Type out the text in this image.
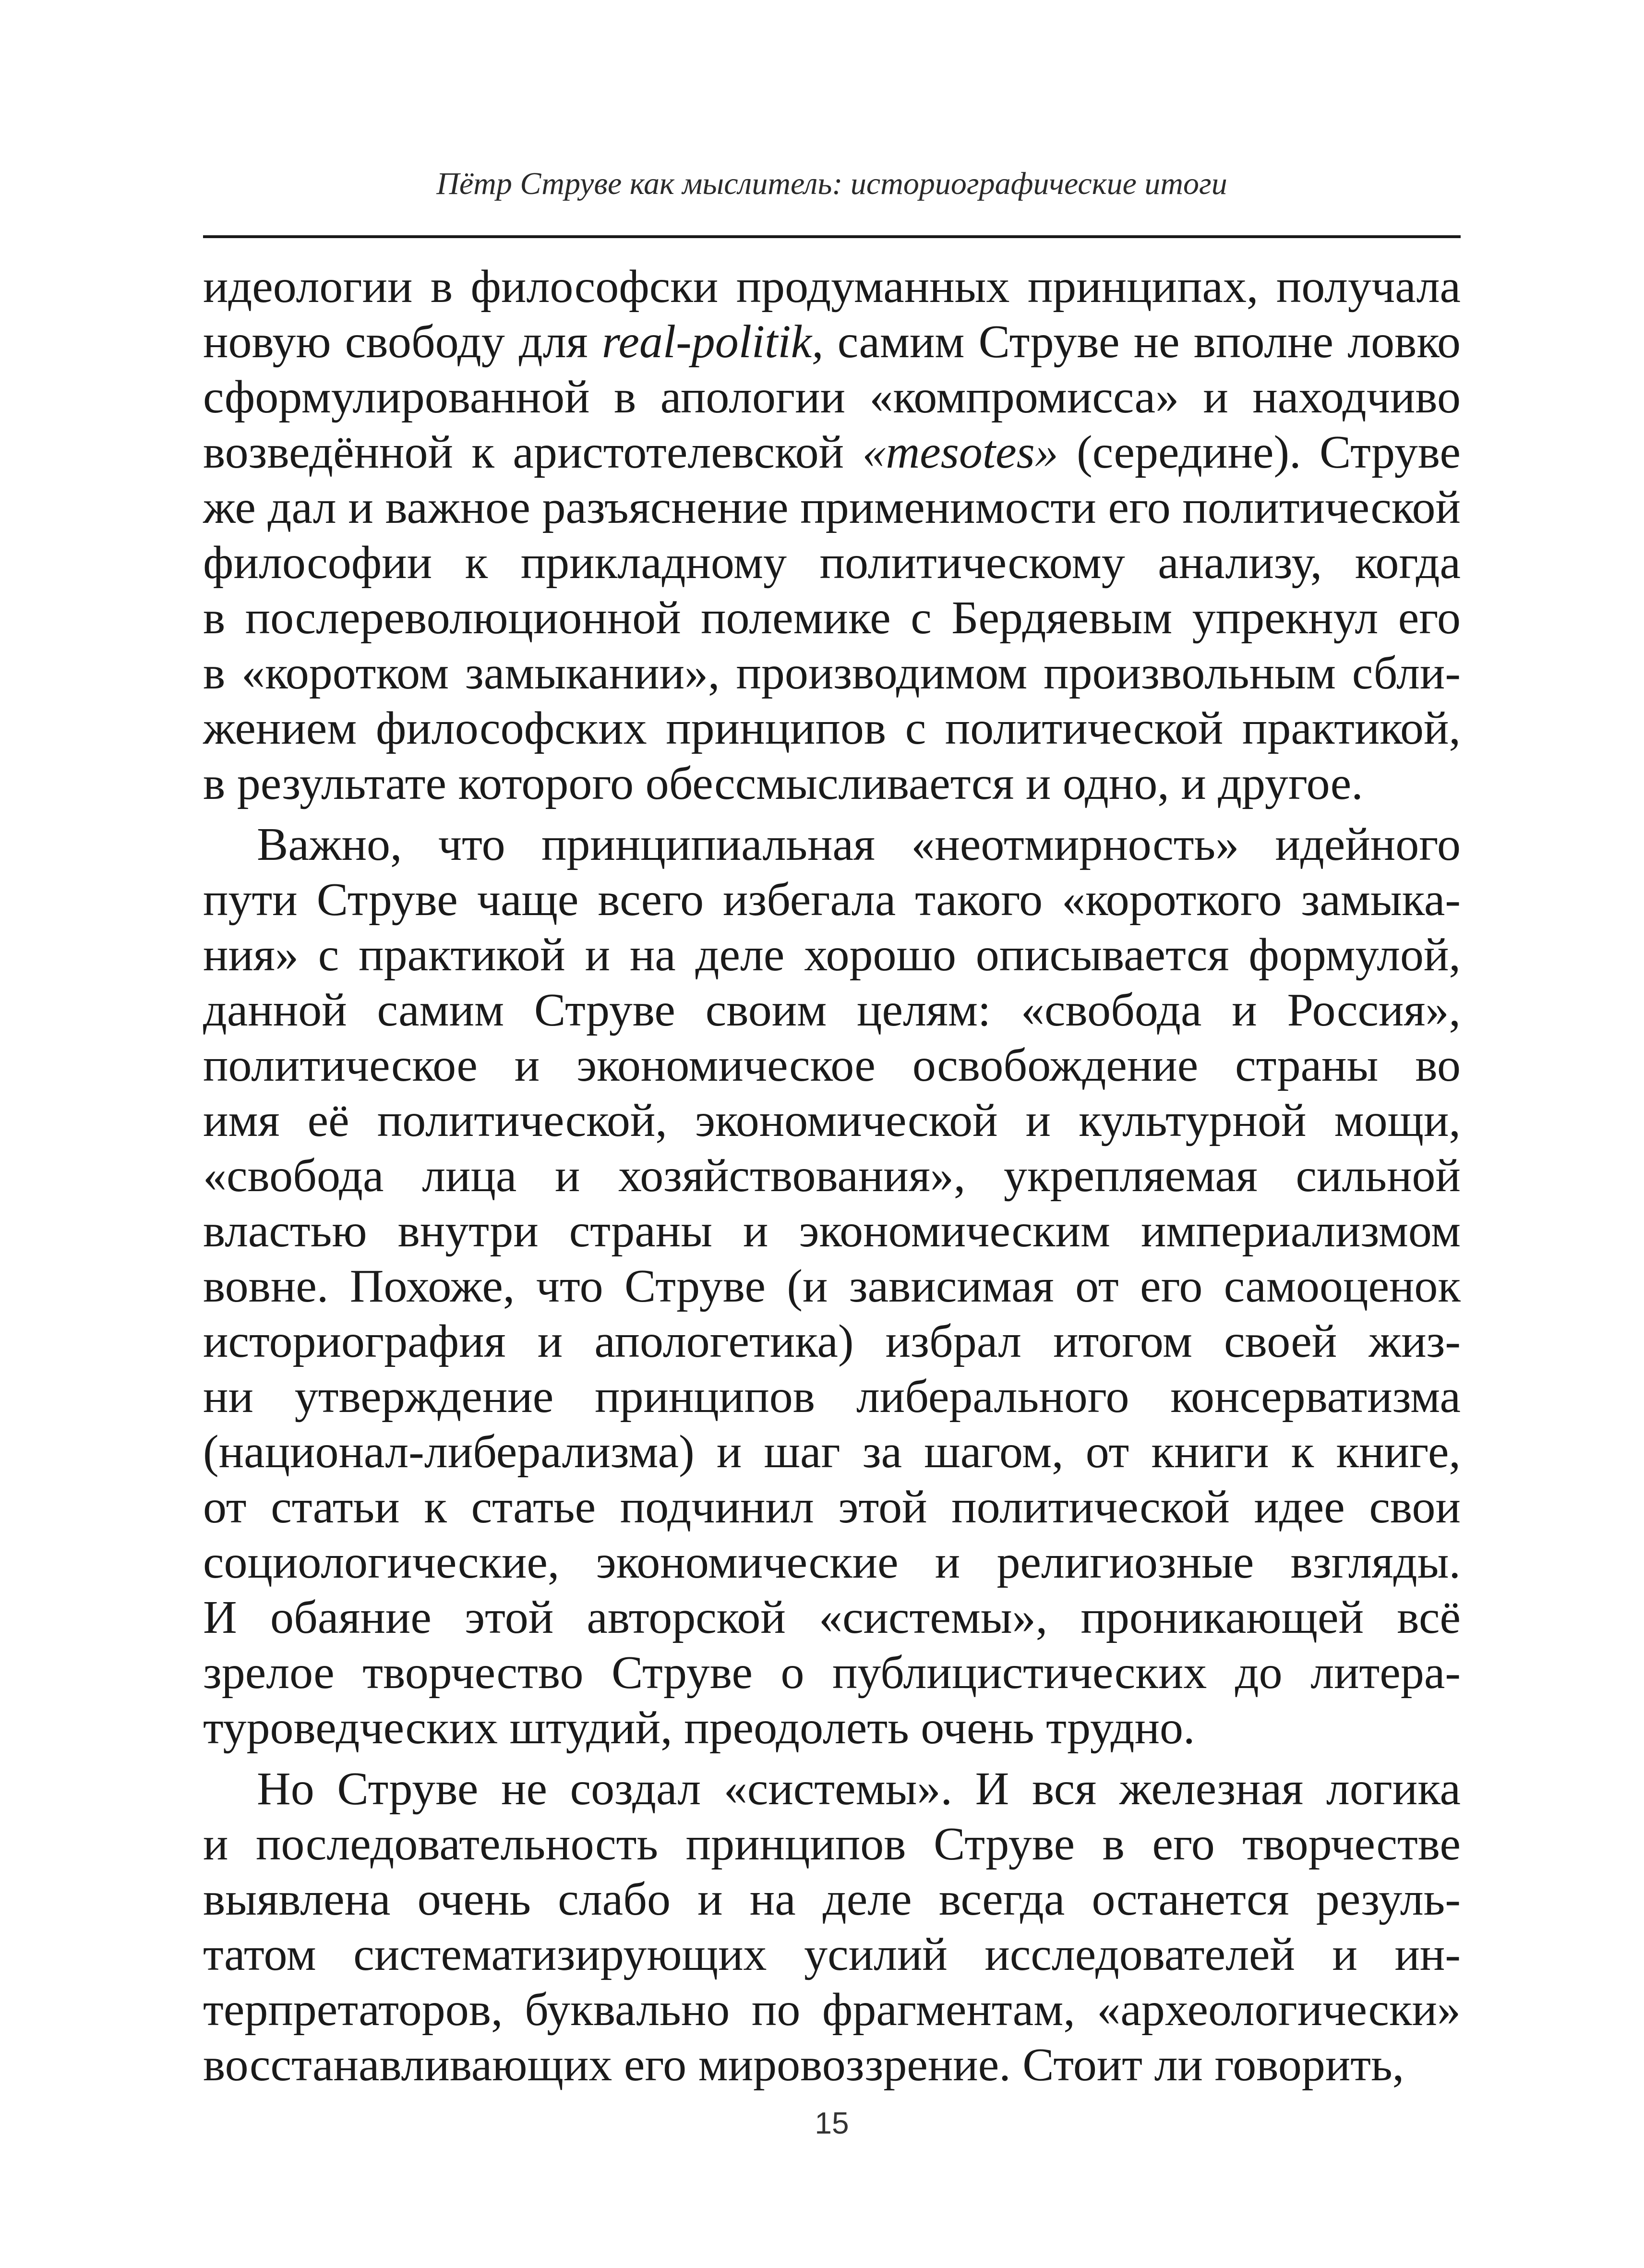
Пётр Струве как мыслитель: историографические итоги
идеологии в философски продуманных принципах, получала
новую свободу для real-politik, самим Струве не вполне ловко
сформулированной в апологии «компромисса» и находчиво
возведённой к аристотелевской «mesotes» (середине). Струве
же дал и важное разъяснение применимости его политической
философии к прикладному политическому анализу, когда
в послереволюционной полемике с Бердяевым упрекнул его
в «коротком замыкании», производимом произвольным сбли-
жением философских принципов с политической практикой,
в результате которого обессмысливается и одно, и другое.
Важно, что принципиальная «неотмирность» идейного
пути Струве чаще всего избегала такого «короткого замыка-
ния» с практикой и на деле хорошо описывается формулой,
данной самим Струве своим целям: «свобода и Россия»,
политическое и экономическое освобождение страны во
имя её политической, экономической и культурной мощи,
«свобода лица и хозяйствования», укрепляемая сильной
властью внутри страны и экономическим империализмом
вовне. Похоже, что Струве (и зависимая от его самооценок
историография и апологетика) избрал итогом своей жиз-
ни утверждение принципов либерального консерватизма
(национал-либерализма) и шаг за шагом, от книги к книге,
от статьи к статье подчинил этой политической идее свои
социологические, экономические и религиозные взгляды.
И обаяние этой авторской «системы», проникающей всё
зрелое творчество Струве о публицистических до литера-
туроведческих штудий, преодолеть очень трудно.
Но Струве не создал «системы». И вся железная логика
и последовательность принципов Струве в его творчестве
выявлена очень слабо и на деле всегда останется резуль-
татом систематизирующих усилий исследователей и ин-
терпретаторов, буквально по фрагментам, «археологически»
восстанавливающих его мировоззрение. Стоит ли говорить,
15
